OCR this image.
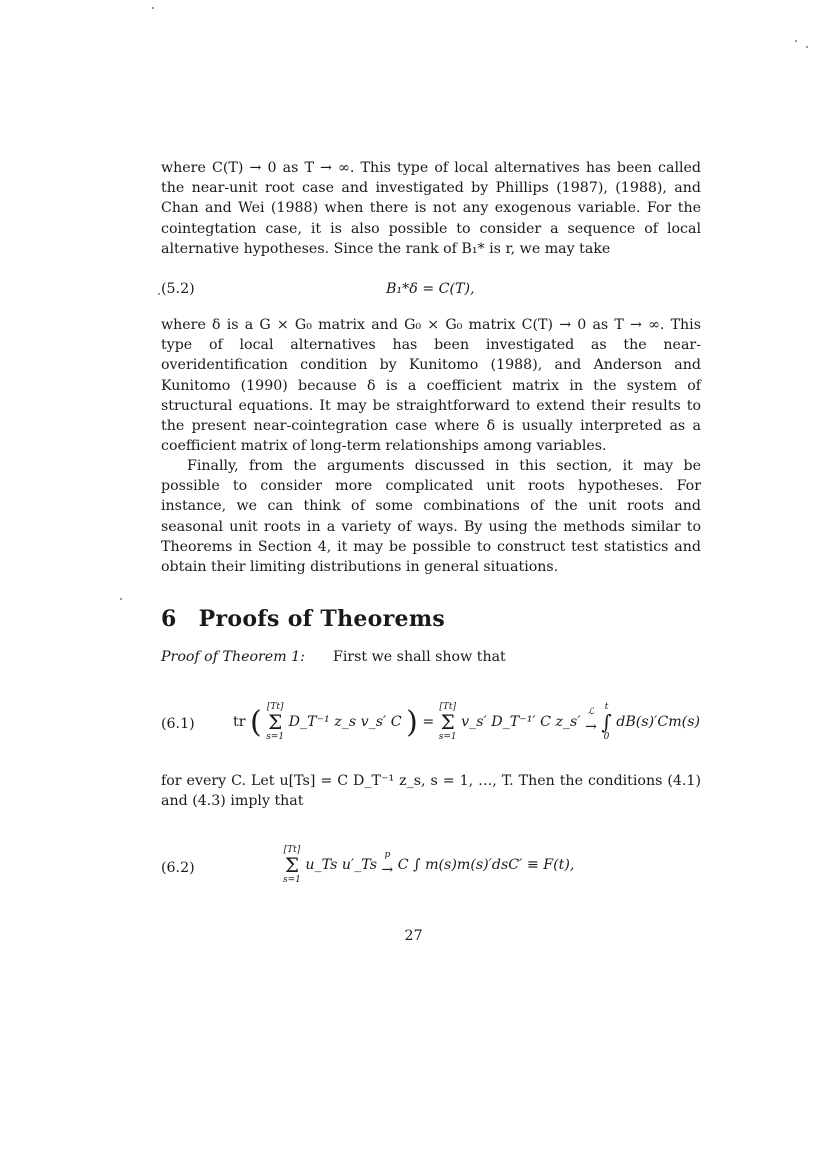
where C(T) → 0 as T → ∞. This type of local alternatives has been called the near-unit root case and investigated by Phillips (1987), (1988), and Chan and Wei (1988) when there is not any exogenous variable. For the cointegtation case, it is also possible to consider a sequence of local alternative hypotheses. Since the rank of B₁* is r, we may take

(5.2)	B₁*δ = C(T),

where δ is a G × G₀ matrix and G₀ × G₀ matrix C(T) → 0 as T → ∞. This type of local alternatives has been investigated as the near-overidentification condition by Kunitomo (1988), and Anderson and Kunitomo (1990) because δ is a coefficient matrix in the system of structural equations. It may be straightforward to extend their results to the present near-cointegration case where δ is usually interpreted as a coefficient matrix of long-term relationships among variables.

Finally, from the arguments discussed in this section, it may be possible to consider more complicated unit roots hypotheses. For instance, we can think of some combinations of the unit roots and seasonal unit roots in a variety of ways. By using the methods similar to Theorems in Section 4, it may be possible to construct test statistics and obtain their limiting distributions in general situations.

6 Proofs of Theorems
Proof of Theorem 1: First we shall show that
(6.1)	tr ( [Tt]
Σ
s=1 D_T⁻¹ z_s v_s′ C ) = [Tt]
Σ
s=1 v_s′ D_T⁻¹′ C z_s′ ℒ
→
t
∫
0 dB(s)′Cm(s)

for every C. Let u[Ts] = C D_T⁻¹ z_s, s = 1, …, T. Then the conditions (4.1) and (4.3) imply that

(6.2)
[Tt]
Σ
s=1 u_Ts u′_Ts p
→ C ∫ m(s)m(s)′dsC′ ≡ F(t),
27
